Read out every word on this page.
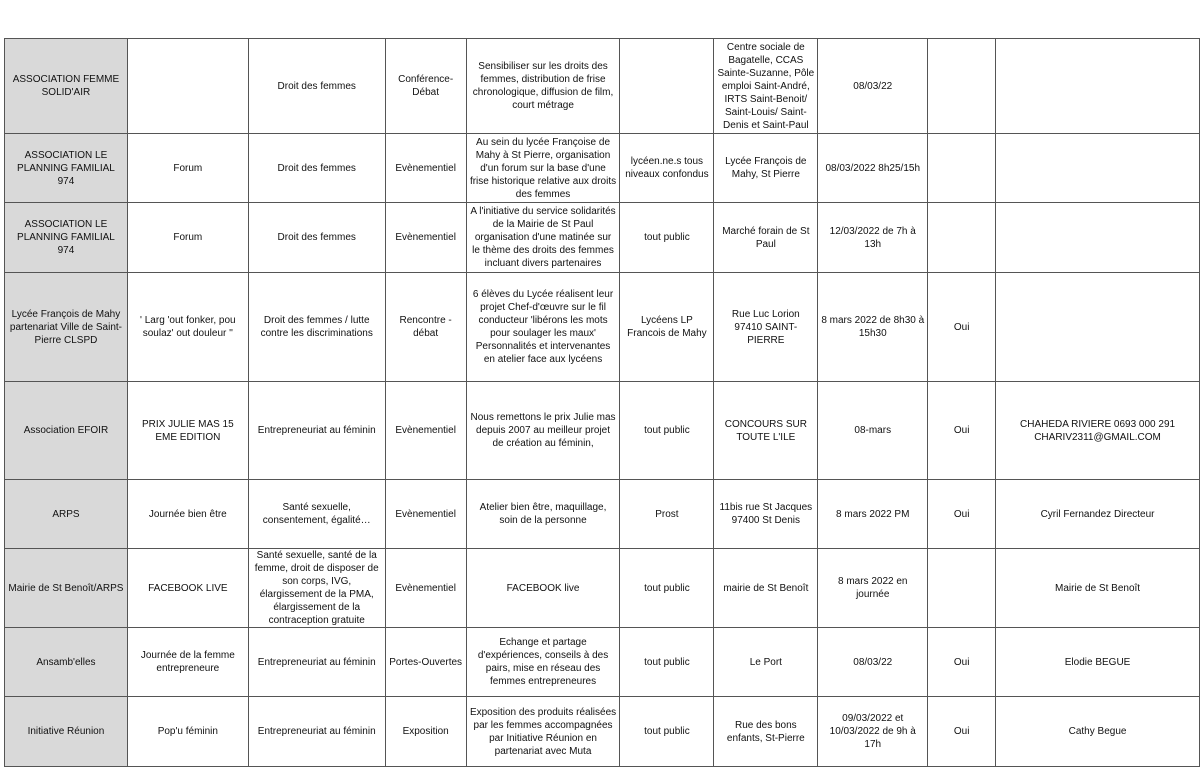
ASSOCIATION FEMME SOLID'AIR		Droit des femmes	Conférence-Débat	Sensibiliser sur les droits des femmes, distribution de frise chronologique, diffusion de film, court métrage		Centre sociale de Bagatelle, CCAS Sainte-Suzanne, Pôle emploi Saint-André, IRTS Saint-Benoit/ Saint-Louis/ Saint-Denis et Saint-Paul	08/03/22		
ASSOCIATION LE PLANNING FAMILIAL 974	Forum	Droit des femmes	Evènementiel	Au sein du lycée Françoise de Mahy à St Pierre, organisation d'un forum sur la base d'une frise historique relative aux droits des femmes	lycéen.ne.s tous niveaux confondus	Lycée François de Mahy, St Pierre	08/03/2022 8h25/15h		
ASSOCIATION LE PLANNING FAMILIAL 974	Forum	Droit des femmes	Evènementiel	A l'initiative du service solidarités de la Mairie de St Paul organisation d'une matinée sur le thème des droits des femmes incluant divers partenaires	tout public	Marché forain de St Paul	12/03/2022 de 7h à 13h		
Lycée François de Mahy partenariat Ville de Saint-Pierre CLSPD	' Larg 'out fonker, pou soulaz' out douleur ''	Droit des femmes / lutte contre les discriminations	Rencontre - débat	6 élèves du Lycée réalisent leur projet Chef-d'œuvre sur le fil conducteur 'libérons les mots pour soulager les maux' Personnalités et intervenantes en atelier face aux lycéens	Lycéens LP Francois de Mahy	Rue Luc Lorion 97410 SAINT-PIERRE	8 mars 2022 de 8h30 à 15h30	Oui	
Association EFOIR	PRIX JULIE MAS 15 EME EDITION	Entrepreneuriat au féminin	Evènementiel	Nous remettons le prix Julie mas depuis 2007 au meilleur projet de création au féminin,	tout public	CONCOURS SUR TOUTE L'ILE	08-mars	Oui	CHAHEDA RIVIERE 0693 000 291 CHARIV2311@GMAIL.COM
ARPS	Journée bien être	Santé sexuelle, consentement, égalité…	Evènementiel	Atelier bien être, maquillage, soin de la personne	Prost	11bis rue St Jacques 97400 St Denis	8 mars 2022 PM	Oui	Cyril Fernandez Directeur
Mairie de St Benoît/ARPS	FACEBOOK LIVE	Santé sexuelle, santé de la femme, droit de disposer de son corps, IVG, élargissement de la PMA, élargissement de la contraception gratuite	Evènementiel	FACEBOOK live	tout public	mairie de St Benoît	8 mars 2022 en journée		Mairie de St Benoît
Ansamb'elles	Journée de la femme entrepreneure	Entrepreneuriat au féminin	Portes-Ouvertes	Echange et partage d'expériences, conseils à des pairs, mise en réseau des femmes entrepreneures	tout public	Le Port	08/03/22	Oui	Elodie BEGUE
Initiative Réunion	Pop'u féminin	Entrepreneuriat au féminin	Exposition	Exposition des produits réalisées par les femmes accompagnées par Initiative Réunion en partenariat avec Muta	tout public	Rue des bons enfants, St-Pierre	09/03/2022 et 10/03/2022 de 9h à 17h	Oui	Cathy Begue
